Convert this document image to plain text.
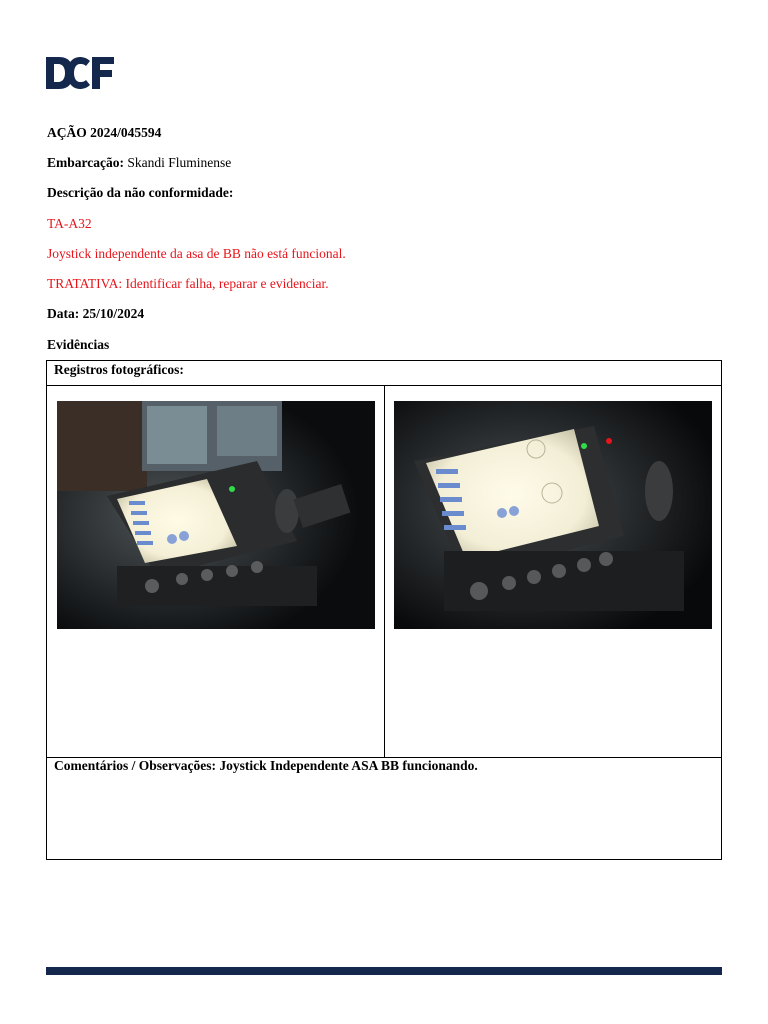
AÇÃO 2024/045594
Embarcação: Skandi Fluminense
Descrição da não conformidade:
TA-A32
Joystick independente da asa de BB não está funcional.
TRATATIVA: Identificar falha, reparar e evidenciar.
Data: 25/10/2024
Evidências
Registros fotográficos:
Comentários / Observações: Joystick Independente ASA BB funcionando.
